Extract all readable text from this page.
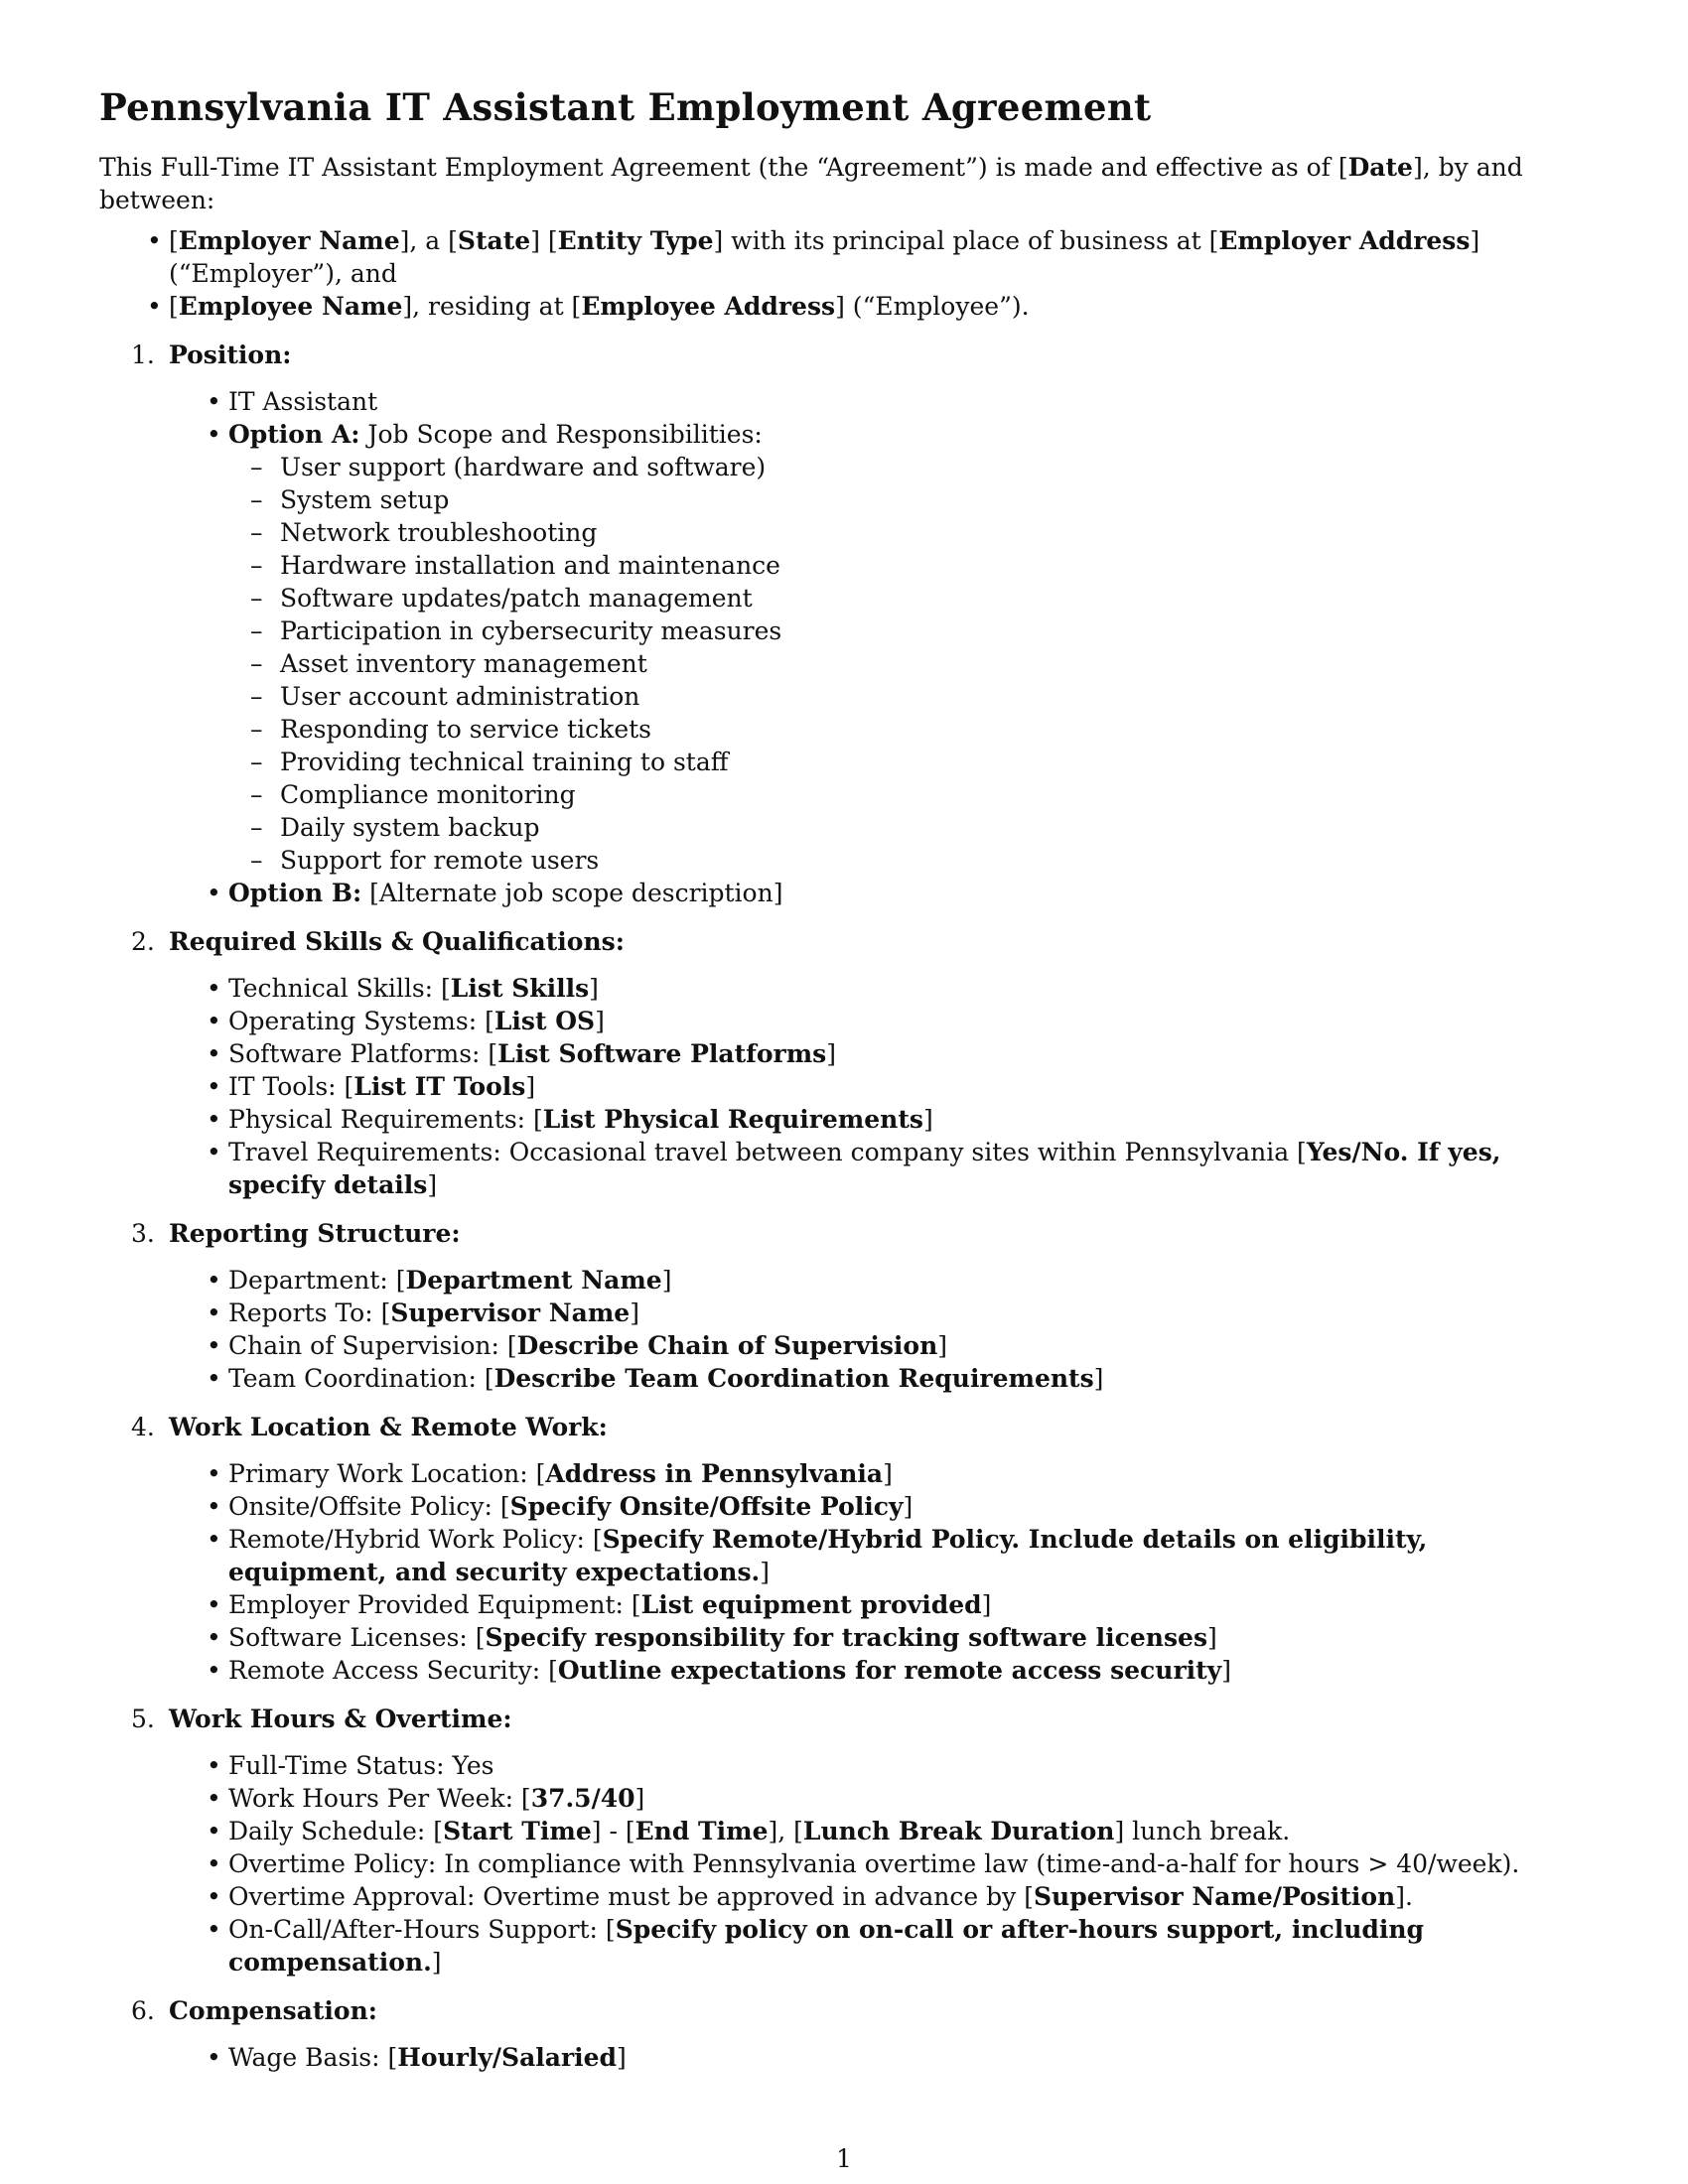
Pennsylvania IT Assistant Employment Agreement

This Full-Time IT Assistant Employment Agreement (the “Agreement”) is made and effective as of [Date], by and between:

• [Employer Name], a [State] [Entity Type] with its principal place of business at [Employer Address] (“Employer”), and
• [Employee Name], residing at [Employee Address] (“Employee”).
1. Position:
• IT Assistant
• Option A: Job Scope and Responsibilities:
– User support (hardware and software)
– System setup
– Network troubleshooting
– Hardware installation and maintenance
– Software updates/patch management
– Participation in cybersecurity measures
– Asset inventory management
– User account administration
– Responding to service tickets
– Providing technical training to staff
– Compliance monitoring
– Daily system backup
– Support for remote users
• Option B: [Alternate job scope description]
2. Required Skills & Qualifications:
• Technical Skills: [List Skills]
• Operating Systems: [List OS]
• Software Platforms: [List Software Platforms]
• IT Tools: [List IT Tools]
• Physical Requirements: [List Physical Requirements]
• Travel Requirements: Occasional travel between company sites within Pennsylvania [Yes/No. If yes, specify details]
3. Reporting Structure:
• Department: [Department Name]
• Reports To: [Supervisor Name]
• Chain of Supervision: [Describe Chain of Supervision]
• Team Coordination: [Describe Team Coordination Requirements]
4. Work Location & Remote Work:
• Primary Work Location: [Address in Pennsylvania]
• Onsite/Offsite Policy: [Specify Onsite/Offsite Policy]
• Remote/Hybrid Work Policy: [Specify Remote/Hybrid Policy. Include details on eligibility, equipment, and security expectations.]
• Employer Provided Equipment: [List equipment provided]
• Software Licenses: [Specify responsibility for tracking software licenses]
• Remote Access Security: [Outline expectations for remote access security]
5. Work Hours & Overtime:
• Full-Time Status: Yes
• Work Hours Per Week: [37.5/40]
• Daily Schedule: [Start Time] - [End Time], [Lunch Break Duration] lunch break.
• Overtime Policy: In compliance with Pennsylvania overtime law (time-and-a-half for hours > 40/week).
• Overtime Approval: Overtime must be approved in advance by [Supervisor Name/Position].
• On-Call/After-Hours Support: [Specify policy on on-call or after-hours support, including compensation.]
6. Compensation:
• Wage Basis: [Hourly/Salaried]
1
